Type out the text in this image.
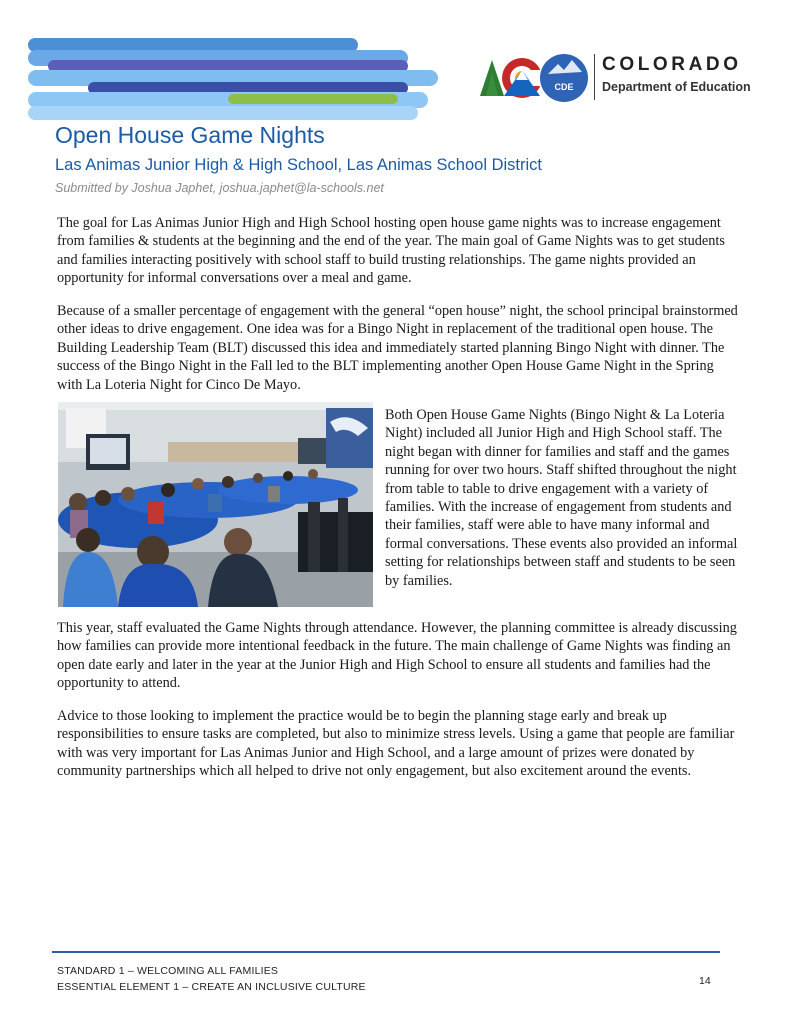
CDE
COLORADO
Department of Education
Open House Game Nights
Las Animas Junior High & High School, Las Animas School District

Submitted by Joshua Japhet, joshua.japhet@la-schools.net

The goal for Las Animas Junior High and High School hosting open house game nights was to increase engagement from families & students at the beginning and the end of the year. The main goal of Game Nights was to get students and families interacting positively with school staff to build trusting relationships. The game nights provided an opportunity for informal conversations over a meal and game.

Because of a smaller percentage of engagement with the general “open house” night, the school principal brainstormed other ideas to drive engagement. One idea was for a Bingo Night in replacement of the traditional open house. The Building Leadership Team (BLT) discussed this idea and immediately started planning Bingo Night with dinner. The success of the Bingo Night in the Fall led to the BLT implementing another Open House Game Night in the Spring with La Loteria Night for Cinco De Mayo.

Both Open House Game Nights (Bingo Night & La Loteria Night) included all Junior High and High School staff. The night began with dinner for families and staff and the games running for over two hours. Staff shifted throughout the night from table to table to drive engagement with a variety of families. With the increase of engagement from students and their families, staff were able to have many informal and formal conversations. These events also provided an informal setting for relationships between staff and students to be seen by families.

This year, staff evaluated the Game Nights through attendance. However, the planning committee is already discussing how families can provide more intentional feedback in the future. The main challenge of Game Nights was finding an open date early and later in the year at the Junior High and High School to ensure all students and families had the opportunity to attend.

Advice to those looking to implement the practice would be to begin the planning stage early and break up responsibilities to ensure tasks are completed, but also to minimize stress levels. Using a game that people are familiar with was very important for Las Animas Junior and High School, and a large amount of prizes were donated by community partnerships which all helped to drive not only engagement, but also excitement around the events.

STANDARD 1 – WELCOMING ALL FAMILIES
ESSENTIAL ELEMENT 1 – CREATE AN INCLUSIVE CULTURE	14
